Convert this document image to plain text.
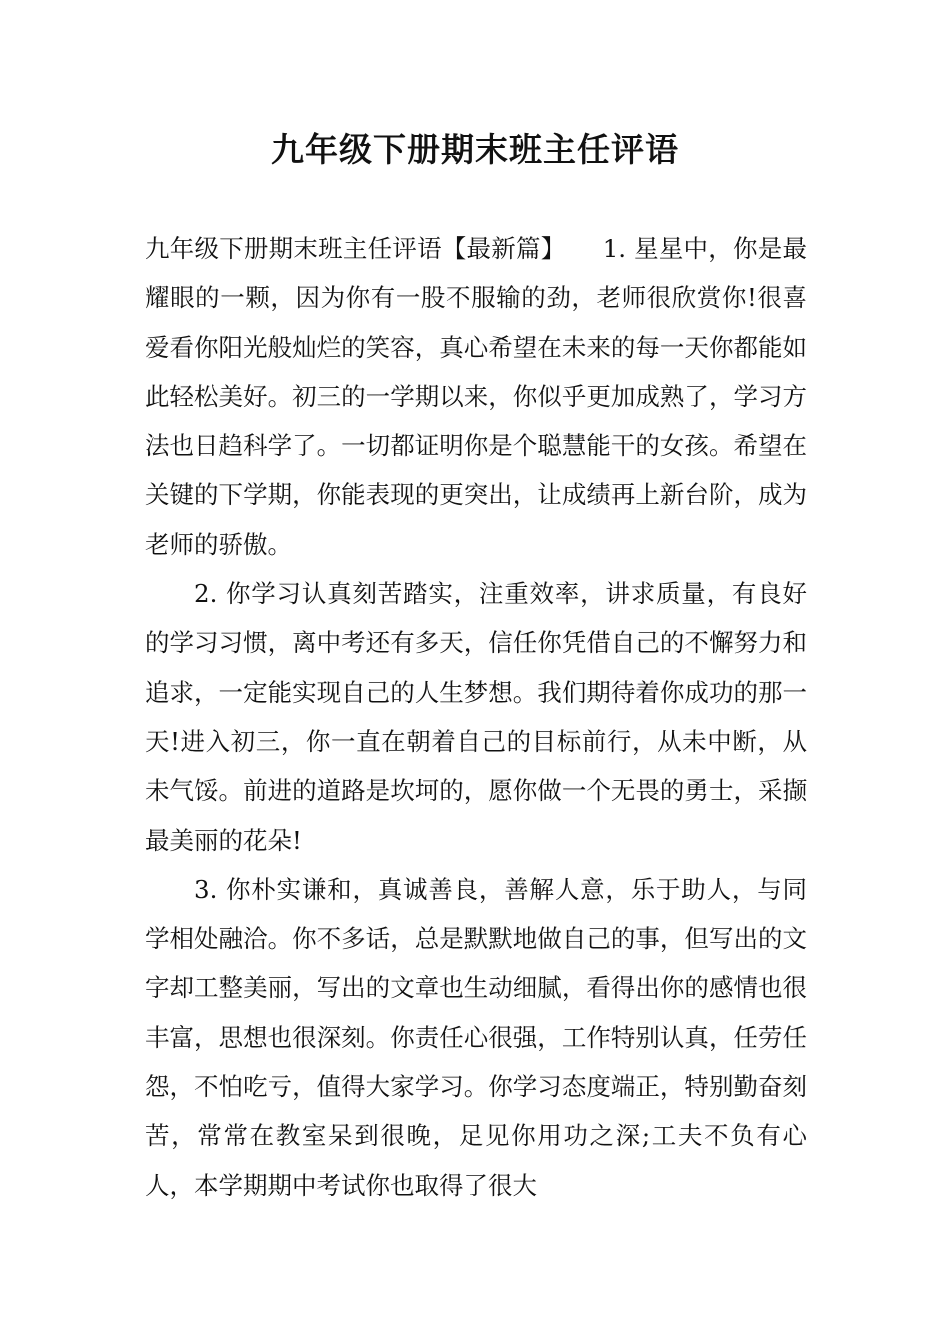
九年级下册期末班主任评语

九年级下册期末班主任评语【最新篇】　　1. 星星中，你是最耀眼的一颗，因为你有一股不服输的劲，老师很欣赏你!很喜爱看你阳光般灿烂的笑容，真心希望在未来的每一天你都能如此轻松美好。初三的一学期以来，你似乎更加成熟了，学习方法也日趋科学了。一切都证明你是个聪慧能干的女孩。希望在关键的下学期，你能表现的更突出，让成绩再上新台阶，成为老师的骄傲。

2. 你学习认真刻苦踏实，注重效率，讲求质量，有良好的学习习惯，离中考还有多天，信任你凭借自己的不懈努力和追求，一定能实现自己的人生梦想。我们期待着你成功的那一天!进入初三，你一直在朝着自己的目标前行，从未中断，从未气馁。前进的道路是坎坷的，愿你做一个无畏的勇士，采撷最美丽的花朵!

3. 你朴实谦和，真诚善良，善解人意，乐于助人，与同学相处融洽。你不多话，总是默默地做自己的事，但写出的文字却工整美丽，写出的文章也生动细腻，看得出你的感情也很丰富，思想也很深刻。你责任心很强，工作特别认真，任劳任怨，不怕吃亏，值得大家学习。你学习态度端正，特别勤奋刻苦，常常在教室呆到很晚，足见你用功之深;工夫不负有心人，本学期期中考试你也取得了很大
